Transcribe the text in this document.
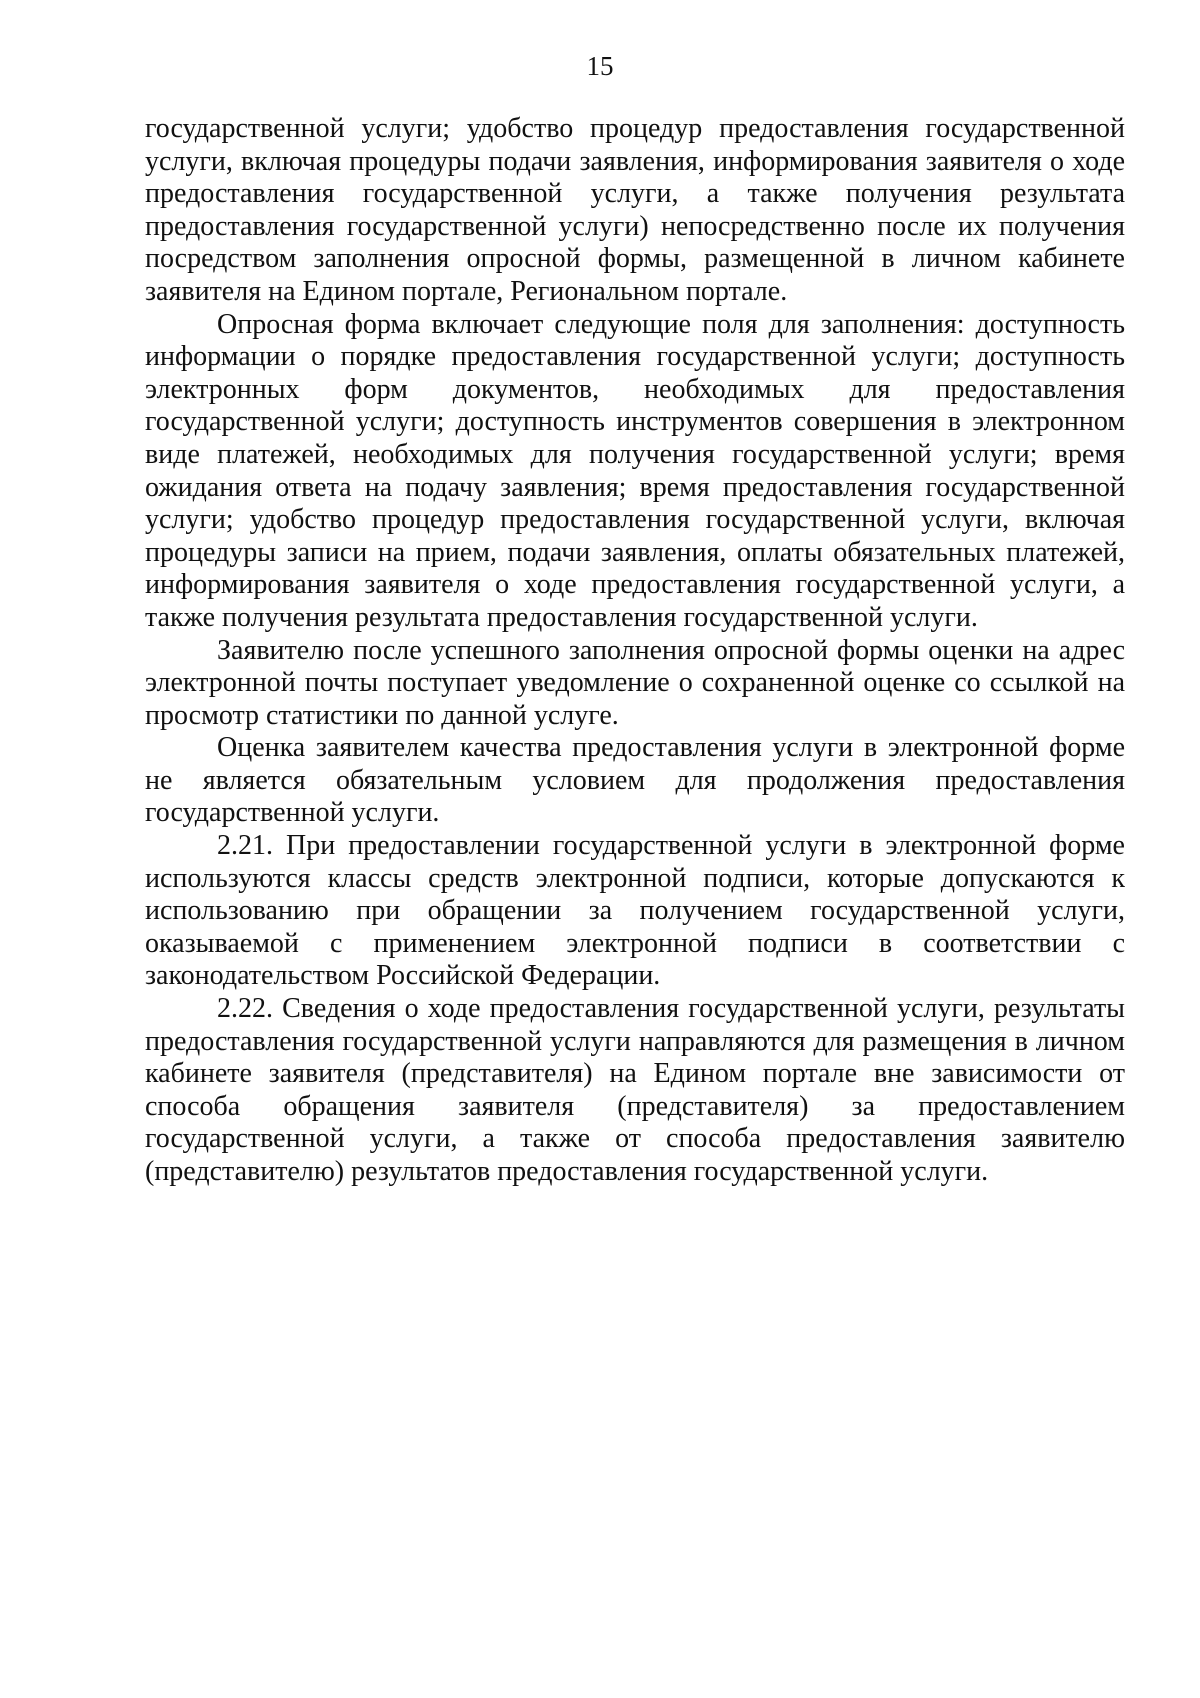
15

государственной услуги; удобство процедур предоставления государственной услуги, включая процедуры подачи заявления, информирования заявителя о ходе предоставления государственной услуги, а также получения результата предоставления государственной услуги) непосредственно после их получения посредством заполнения опросной формы, размещенной в личном кабинете заявителя на Едином портале, Региональном портале.

Опросная форма включает следующие поля для заполнения: доступность информации о порядке предоставления государственной услуги; доступность электронных форм документов, необходимых для предоставления государственной услуги; доступность инструментов совершения в электронном виде платежей, необходимых для получения государственной услуги; время ожидания ответа на подачу заявления; время предоставления государственной услуги; удобство процедур предоставления государственной услуги, включая процедуры записи на прием, подачи заявления, оплаты обязательных платежей, информирования заявителя о ходе предоставления государственной услуги, а также получения результата предоставления государственной услуги.

Заявителю после успешного заполнения опросной формы оценки на адрес электронной почты поступает уведомление о сохраненной оценке со ссылкой на просмотр статистики по данной услуге.

Оценка заявителем качества предоставления услуги в электронной форме не является обязательным условием для продолжения предоставления государственной услуги.

2.21. При предоставлении государственной услуги в электронной форме используются классы средств электронной подписи, которые допускаются к использованию при обращении за получением государственной услуги, оказываемой с применением электронной подписи в соответствии с законодательством Российской Федерации.

2.22. Сведения о ходе предоставления государственной услуги, результаты предоставления государственной услуги направляются для размещения в личном кабинете заявителя (представителя) на Едином портале вне зависимости от способа обращения заявителя (представителя) за предоставлением государственной услуги, а также от способа предоставления заявителю (представителю) результатов предоставления государственной услуги.
